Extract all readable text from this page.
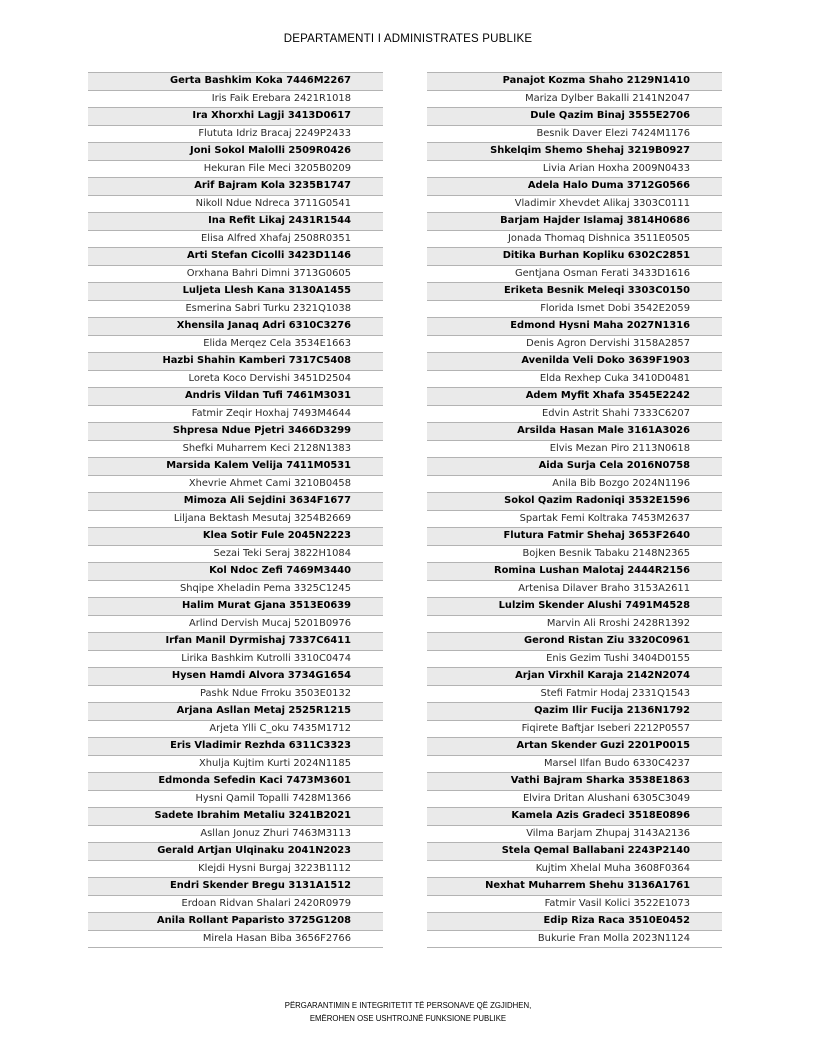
DEPARTAMENTI I ADMINISTRATES PUBLIKE
Gerta Bashkim Koka 7446M2267
Iris Faik Erebara 2421R1018
Ira Xhorxhi Lagji 3413D0617
Flututa Idriz Bracaj 2249P2433
Joni Sokol Malolli 2509R0426
Hekuran File Meci 3205B0209
Arif Bajram Kola 3235B1747
Nikoll Ndue Ndreca 3711G0541
Ina Refit Likaj 2431R1544
Elisa Alfred Xhafaj 2508R0351
Arti Stefan Cicolli 3423D1146
Orxhana Bahri Dimni 3713G0605
Luljeta Llesh Kana 3130A1455
Esmerina Sabri Turku 2321Q1038
Xhensila Janaq Adri 6310C3276
Elida Merqez Cela 3534E1663
Hazbi Shahin Kamberi 7317C5408
Loreta Koco Dervishi 3451D2504
Andris Vildan Tufi 7461M3031
Fatmir Zeqir Hoxhaj 7493M4644
Shpresa Ndue Pjetri 3466D3299
Shefki Muharrem Keci 2128N1383
Marsida Kalem Velija 7411M0531
Xhevrie Ahmet Cami 3210B0458
Mimoza Ali Sejdini 3634F1677
Liljana Bektash Mesutaj 3254B2669
Klea Sotir Fule 2045N2223
Sezai Teki Seraj 3822H1084
Kol Ndoc Zefi 7469M3440
Shqipe Xheladin Pema 3325C1245
Halim Murat Gjana 3513E0639
Arlind Dervish Mucaj 5201B0976
Irfan Manil Dyrmishaj 7337C6411
Lirika Bashkim Kutrolli 3310C0474
Hysen Hamdi Alvora 3734G1654
Pashk Ndue Frroku 3503E0132
Arjana Asllan Metaj 2525R1215
Arjeta Ylli C_oku 7435M1712
Eris Vladimir Rezhda 6311C3323
Xhulja Kujtim Kurti 2024N1185
Edmonda Sefedin Kaci 7473M3601
Hysni Qamil Topalli 7428M1366
Sadete Ibrahim Metaliu 3241B2021
Asllan Jonuz Zhuri 7463M3113
Gerald Artjan Ulqinaku 2041N2023
Klejdi Hysni Burgaj 3223B1112
Endri Skender Bregu 3131A1512
Erdoan Ridvan Shalari 2420R0979
Anila Rollant Paparisto 3725G1208
Mirela Hasan Biba 3656F2766
Panajot Kozma Shaho 2129N1410
Mariza Dylber Bakalli 2141N2047
Dule Qazim Binaj 3555E2706
Besnik Daver Elezi 7424M1176
Shkelqim Shemo Shehaj 3219B0927
Livia Arian Hoxha 2009N0433
Adela Halo Duma 3712G0566
Vladimir Xhevdet Alikaj 3303C0111
Barjam Hajder Islamaj 3814H0686
Jonada Thomaq Dishnica 3511E0505
Ditika Burhan Kopliku 6302C2851
Gentjana Osman Ferati 3433D1616
Eriketa Besnik Meleqi 3303C0150
Florida Ismet Dobi 3542E2059
Edmond Hysni Maha 2027N1316
Denis Agron Dervishi 3158A2857
Avenilda Veli Doko 3639F1903
Elda Rexhep Cuka 3410D0481
Adem Myfit Xhafa 3545E2242
Edvin Astrit Shahi 7333C6207
Arsilda Hasan Male 3161A3026
Elvis Mezan Piro 2113N0618
Aida Surja Cela 2016N0758
Anila Bib Bozgo 2024N1196
Sokol Qazim Radoniqi 3532E1596
Spartak Femi Koltraka 7453M2637
Flutura Fatmir Shehaj 3653F2640
Bojken Besnik Tabaku 2148N2365
Romina Lushan Malotaj 2444R2156
Artenisa Dilaver Braho 3153A2611
Lulzim Skender Alushi 7491M4528
Marvin Ali Rroshi 2428R1392
Gerond Ristan Ziu 3320C0961
Enis Gezim Tushi 3404D0155
Arjan Virxhil Karaja 2142N2074
Stefi Fatmir Hodaj 2331Q1543
Qazim Ilir Fucija 2136N1792
Fiqirete Baftjar Iseberi 2212P0557
Artan Skender Guzi 2201P0015
Marsel Ilfan Budo 6330C4237
Vathi Bajram Sharka 3538E1863
Elvira Dritan Alushani 6305C3049
Kamela Azis Gradeci 3518E0896
Vilma Barjam Zhupaj 3143A2136
Stela Qemal Ballabani 2243P2140
Kujtim Xhelal Muha 3608F0364
Nexhat Muharrem Shehu 3136A1761
Fatmir Vasil Kolici 3522E1073
Edip Riza Raca 3510E0452
Bukurie Fran Molla 2023N1124
PËRGARANTIMIN E INTEGRITETIT TË PERSONAVE QË ZGJIDHEN,
EMËROHEN OSE USHTROJNË FUNKSIONE PUBLIKE
